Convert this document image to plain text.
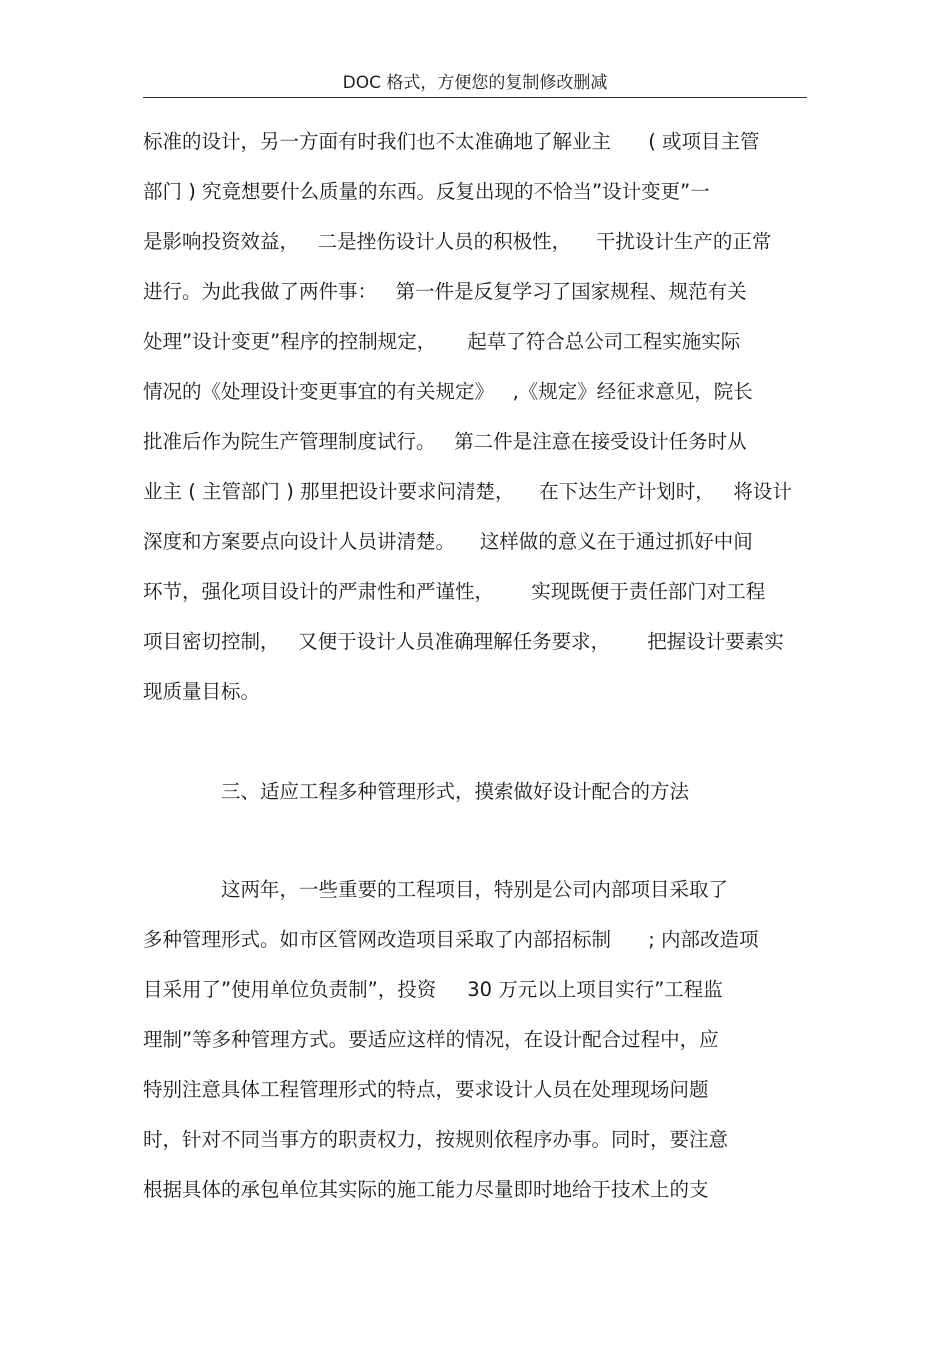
DOC 格式，方便您的复制修改删减
标准的设计，另一方面有时我们也不太准确地了解业主      ( 或项目主管
部门 ) 究竟想要什么质量的东西。反复出现的不恰当”设计变更”一
是影响投资效益，   二是挫伤设计人员的积极性，    干扰设计生产的正常
进行。为此我做了两件事：   第一件是反复学习了国家规程、规范有关
处理”设计变更”程序的控制规定，     起草了符合总公司工程实施实际
情况的《处理设计变更事宜的有关规定》   ,《规定》经征求意见，院长
批准后作为院生产管理制度试行。   第二件是注意在接受设计任务时从
业主 ( 主管部门 ) 那里把设计要求问清楚，    在下达生产计划时，   将设计
深度和方案要点向设计人员讲清楚。    这样做的意义在于通过抓好中间
环节，强化项目设计的严肃性和严谨性，      实现既便于责任部门对工程
项目密切控制，   又便于设计人员准确理解任务要求，      把握设计要素实
现质量目标。
三、适应工程多种管理形式，摸索做好设计配合的方法
这两年，一些重要的工程项目，特别是公司内部项目采取了
多种管理形式。如市区管网改造项目采取了内部招标制      ; 内部改造项
目采用了”使用单位负责制”，投资     30 万元以上项目实行”工程监
理制”等多种管理方式。要适应这样的情况，在设计配合过程中，应
特别注意具体工程管理形式的特点，要求设计人员在处理现场问题
时，针对不同当事方的职责权力，按规则依程序办事。同时，要注意
根据具体的承包单位其实际的施工能力尽量即时地给于技术上的支
